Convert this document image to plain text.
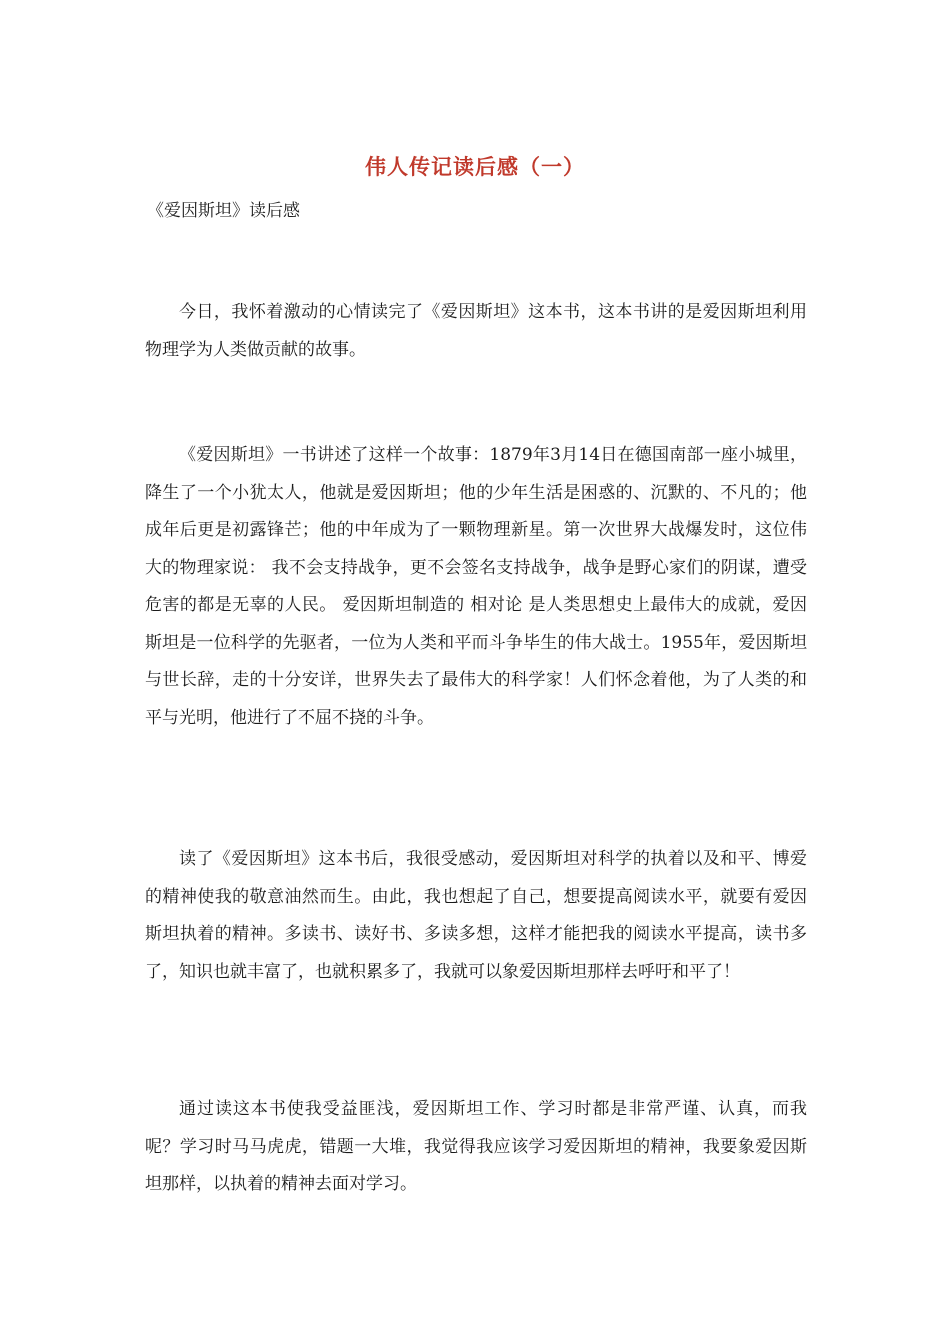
伟人传记读后感（一）
《爱因斯坦》读后感

今日，我怀着激动的心情读完了《爱因斯坦》这本书，这本书讲的是爱因斯坦利用物理学为人类做贡献的故事。

《爱因斯坦》一书讲述了这样一个故事：1879年3月14日在德国南部一座小城里，降生了一个小犹太人，他就是爱因斯坦；他的少年生活是困惑的、沉默的、不凡的；他成年后更是初露锋芒；他的中年成为了一颗物理新星。第一次世界大战爆发时，这位伟大的物理家说： 我不会支持战争，更不会签名支持战争，战争是野心家们的阴谋，遭受危害的都是无辜的人民。 爱因斯坦制造的 相对论 是人类思想史上最伟大的成就，爱因斯坦是一位科学的先驱者，一位为人类和平而斗争毕生的伟大战士。1955年，爱因斯坦与世长辞，走的十分安详，世界失去了最伟大的科学家！人们怀念着他，为了人类的和平与光明，他进行了不屈不挠的斗争。

读了《爱因斯坦》这本书后，我很受感动，爱因斯坦对科学的执着以及和平、博爱的精神使我的敬意油然而生。由此，我也想起了自己，想要提高阅读水平，就要有爱因斯坦执着的精神。多读书、读好书、多读多想，这样才能把我的阅读水平提高，读书多了，知识也就丰富了，也就积累多了，我就可以象爱因斯坦那样去呼吁和平了！

通过读这本书使我受益匪浅，爱因斯坦工作、学习时都是非常严谨、认真，而我呢？学习时马马虎虎，错题一大堆，我觉得我应该学习爱因斯坦的精神，我要象爱因斯坦那样，以执着的精神去面对学习。
